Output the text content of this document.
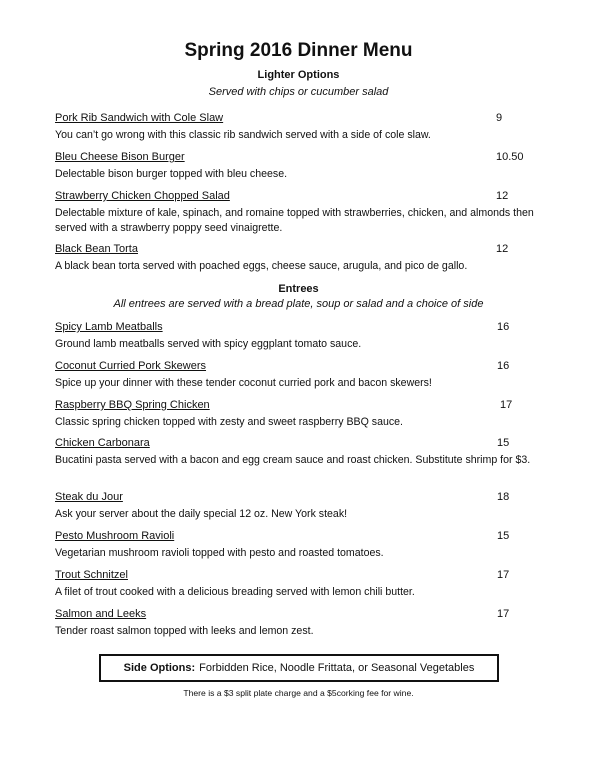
Spring 2016 Dinner Menu
Lighter Options

Served with chips or cucumber salad

Pork Rib Sandwich with Cole Slaw	9
You can’t go wrong with this classic rib sandwich served with a side of cole slaw.
Bleu Cheese Bison Burger	10.50
Delectable bison burger topped with bleu cheese.
Strawberry Chicken Chopped Salad	12
Delectable mixture of kale, spinach, and romaine topped with strawberries, chicken, and almonds then served with a strawberry poppy seed vinaigrette.
Black Bean Torta	12
A black bean torta served with poached eggs, cheese sauce, arugula, and pico de gallo.
Entrees

All entrees are served with a bread plate, soup or salad and a choice of side

Spicy Lamb Meatballs	16
Ground lamb meatballs served with spicy eggplant tomato sauce.
Coconut Curried Pork Skewers	16
Spice up your dinner with these tender coconut curried pork and bacon skewers!
Raspberry BBQ Spring Chicken	17
Classic spring chicken topped with zesty and sweet raspberry BBQ sauce.
Chicken Carbonara	15
Bucatini pasta served with a bacon and egg cream sauce and roast chicken. Substitute shrimp for $3.
Steak du Jour	18
Ask your server about the daily special 12 oz. New York steak!
Pesto Mushroom Ravioli	15
Vegetarian mushroom ravioli topped with pesto and roasted tomatoes.
Trout Schnitzel	17
A filet of trout cooked with a delicious breading served with lemon chili butter.
Salmon and Leeks	17
Tender roast salmon topped with leeks and lemon zest.
Side Options: Forbidden Rice, Noodle Frittata, or Seasonal Vegetables
There is a $3 split plate charge and a $5corking fee for wine.
